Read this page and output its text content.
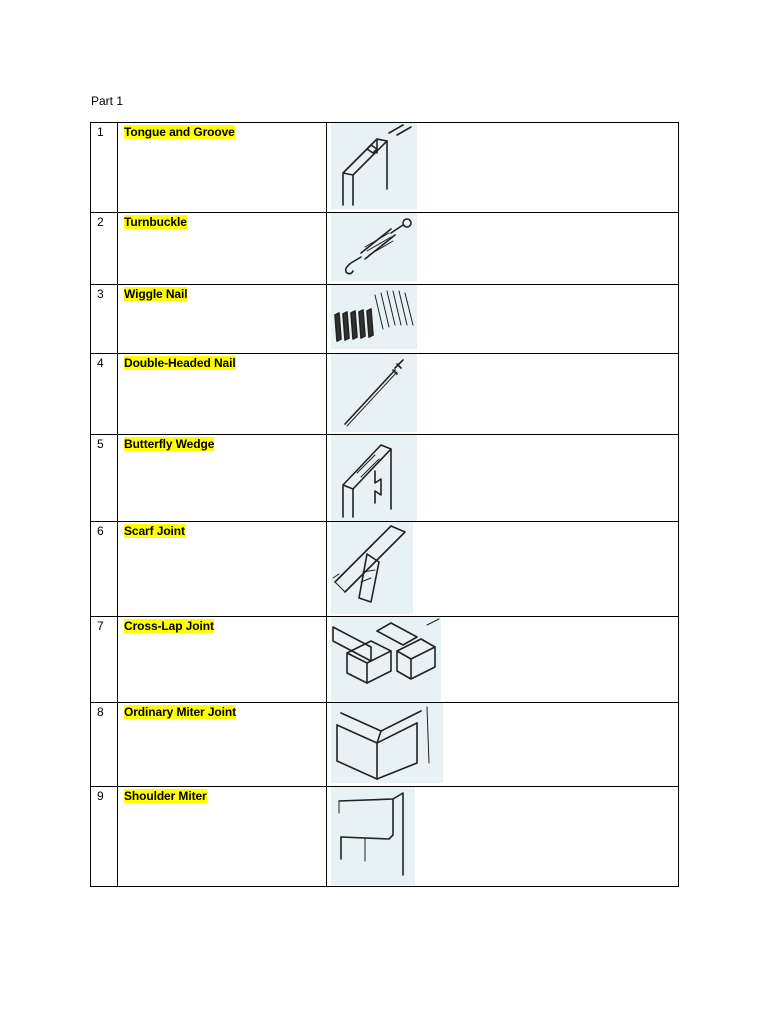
Part 1
1	Tongue and Groove	

2	Turnbuckle	

3	Wiggle Nail	

4	Double-Headed Nail	

5	Butterfly Wedge	

6	Scarf Joint	

7	Cross-Lap Joint	

8	Ordinary Miter Joint	

9	Shoulder Miter	
